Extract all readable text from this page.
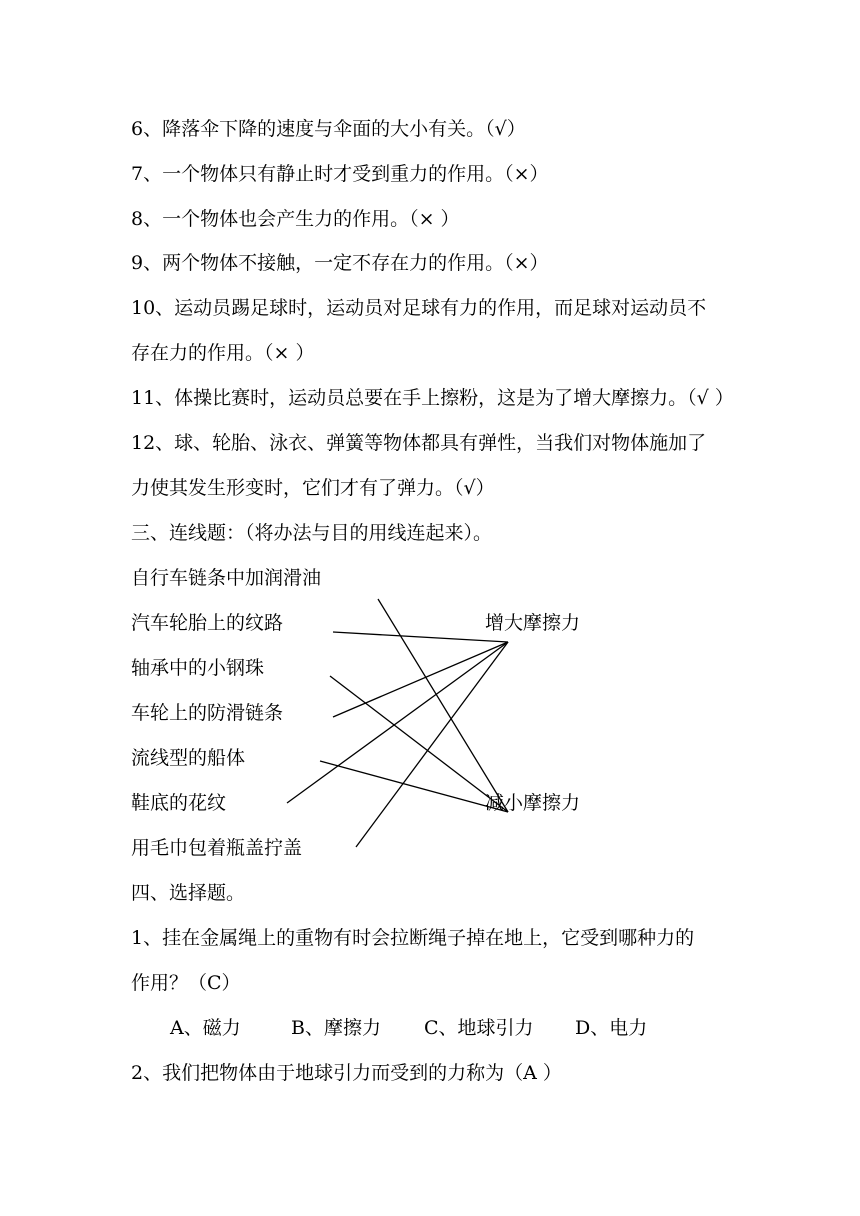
6、降落伞下降的速度与伞面的大小有关。（√）
7、一个物体只有静止时才受到重力的作用。（×）
8、一个物体也会产生力的作用。（× ）
9、两个物体不接触，一定不存在力的作用。（×）
10、运动员踢足球时，运动员对足球有力的作用，而足球对运动员不
存在力的作用。（× ）
11、体操比赛时，运动员总要在手上擦粉，这是为了增大摩擦力。（√ ）
12、球、轮胎、泳衣、弹簧等物体都具有弹性，当我们对物体施加了
力使其发生形变时，它们才有了弹力。（√）
三、连线题：（将办法与目的用线连起来）。
自行车链条中加润滑油
汽车轮胎上的纹路
轴承中的小钢珠
车轮上的防滑链条
流线型的船体
鞋底的花纹
用毛巾包着瓶盖拧盖
增大摩擦力
减小摩擦力
四、选择题。
1、挂在金属绳上的重物有时会拉断绳子掉在地上，它受到哪种力的
作用？（C）
A、磁力	B、摩擦力 C、地球引力 D、电力
2、我们把物体由于地球引力而受到的力称为（A ）
